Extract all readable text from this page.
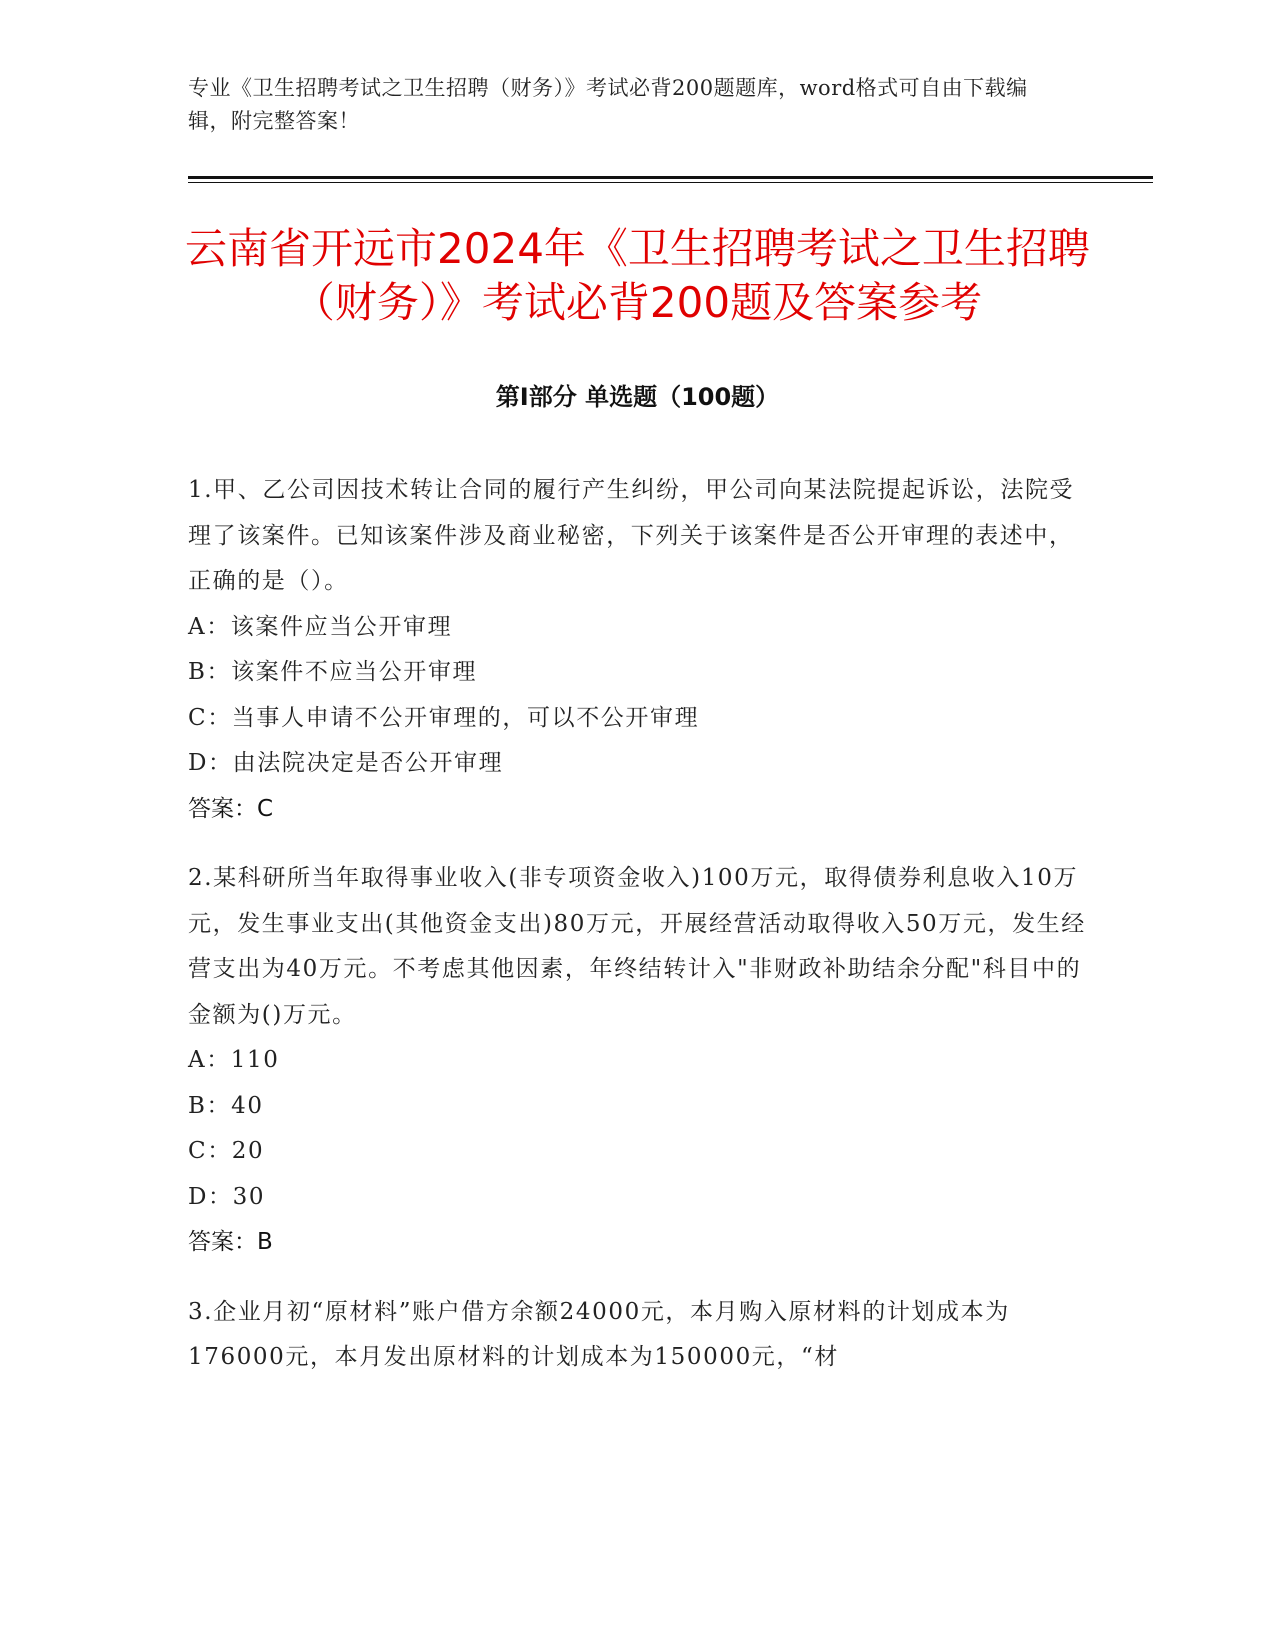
专业《卫生招聘考试之卫生招聘（财务）》考试必背200题题库，word格式可自由下载编辑，附完整答案！
云南省开远市2024年《卫生招聘考试之卫生招聘（财务）》考试必背200题及答案参考
第Ⅰ部分 单选题（100题）

1.甲、乙公司因技术转让合同的履行产生纠纷，甲公司向某法院提起诉讼，法院受理了该案件。已知该案件涉及商业秘密，下列关于该案件是否公开审理的表述中，正确的是（）。

A：该案件应当公开审理

B：该案件不应当公开审理

C：当事人申请不公开审理的，可以不公开审理

D：由法院决定是否公开审理

答案：C

2.某科研所当年取得事业收入(非专项资金收入)100万元，取得债券利息收入10万元，发生事业支出(其他资金支出)80万元，开展经营活动取得收入50万元，发生经营支出为40万元。不考虑其他因素，年终结转计入"非财政补助结余分配"科目中的金额为()万元。

A：110

B：40

C：20

D：30

答案：B

3.企业月初“原材料”账户借方余额24000元，本月购入原材料的计划成本为176000元，本月发出原材料的计划成本为150000元，“材
